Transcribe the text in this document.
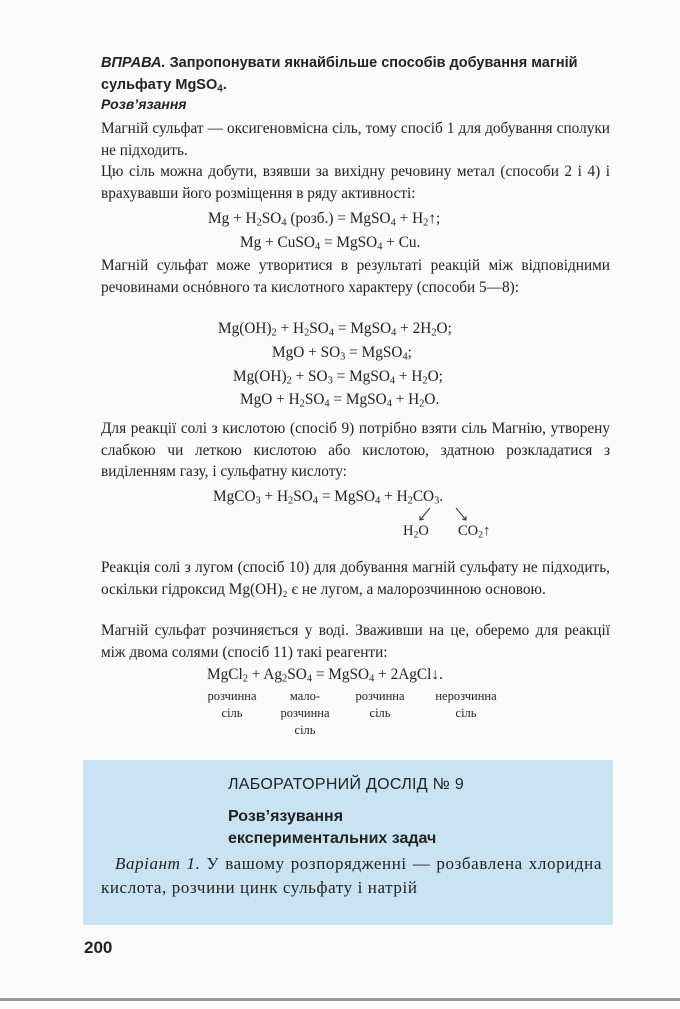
ВПРАВА. Запропонувати якнайбільше способів добування магній сульфату MgSO$_4$.
Розв’язання
Магній сульфат — оксигеновмісна сіль, тому спосіб 1 для добування сполуки не підходить.
Цю сіль можна добути, взявши за вихідну речовину метал (способи 2 і 4) і врахувавши його розміщення в ряду активності:
$Mg + H_2SO_4$ (розб.) = MgSO$_4$ + $H_2↑$;
Mg + CuSO$_4$ = MgSO$_4$ + Cu.
Магній сульфат може утворитися в результаті реакцій між відповідними речовинами оснóвного та кислотного характеру (способи 5—8):
$Mg(OH)_2 + H_2SO_4$ = MgSO$_4$ + $2H_2O$;
MgO + $SO_3$ = MgSO$_4$;
$Mg(OH)_2 + SO_3$ = MgSO$_4$ + $H_2O$;
MgO + $H_2SO_4$ = MgSO$_4$ + $H_2O$.
Для реакції солі з кислотою (спосіб 9) потрібно взяти сіль Магнію, утворену слабкою чи леткою кислотою або кислотою, здатною розкладатися з виділенням газу, і сульфатну кислоту:
MgCO$_3$ + $H_2SO_4$ = MgSO$_4$ + $H_2CO_3$.
$H_2O$ $CO_2↑$
Реакція солі з лугом (спосіб 10) для добування магній сульфату не підходить, оскільки гідроксид Mg(OH)₂ є не лугом, а малорозчинною основою.
Магній сульфат розчиняється у воді. Зваживши на це, оберемо для реакції між двома солями (спосіб 11) такі реагенти:
MgCl$_2$ + $Ag_2SO_4$ = MgSO$_4$ + 2AgCl↓.
розчинна
сіль
мало-
розчинна
сіль
розчинна
сіль
нерозчинна
сіль
ЛАБОРАТОРНИЙ ДОСЛІД № 9
Розв’язування
експериментальних задач
Варіант 1. У вашому розпорядженні — розбавлена хлоридна кислота, розчини цинк сульфату і натрій
200
